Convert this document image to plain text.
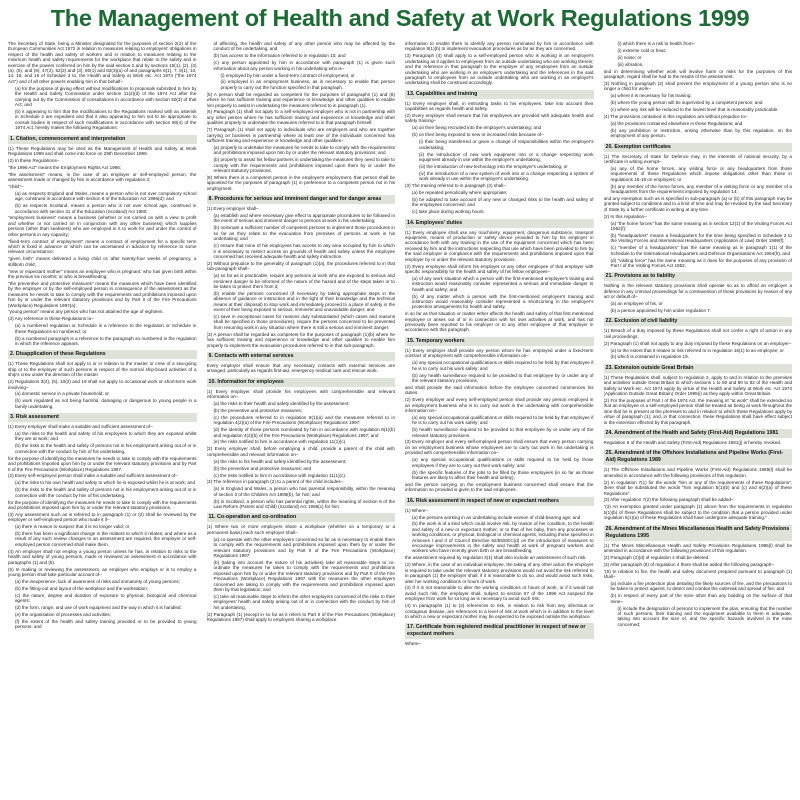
The Management of Health and Safety at Work Regulations 1999

The Secretary of State, being a Minister designated for the purposes of section 2(2) of the European Communities Act 1972 in relation to measures relating to employers' obligations in respect of the health and safety of workers and in relation to measures relating to the minimum health and safety requirements for the workplace that relate to the safety and in exercise of the powers conferred on him by the said section 2 and by sections 15(1), (2), (3)(a), (5), and (9), 47(2), 52(2) and (3), 80(1) and 82(3)(a) of and paragraphs 6(1), 7, 8(1), 10, 14, 15, and 16 of Schedule 3 to, the Health and Safety at Work etc. Act 1974 ("the 1974 Act") and of all other powers enabling him in that behalf–

(a) for the purpose of giving effect without modifications to proposals submitted to him by the Health and Safety Commission under section 11(2)(d) of the 1974 Act after the carrying out by the Commission of consultations in accordance with section 50(3) of that Act; and

(b) it appearing to him that the modifications to the Regulations marked with an asterisk in Schedule 2 are expedient and that it also appearing to him not to be appropriate to consult bodies in respect of such modifications in accordance with section 80(4) of the 1974 Act, hereby makes the following Regulations:

1. Citation, commencement and interpretation

(1) These Regulations may be cited as the Management of Health and Safety at Work Regulations 1999 and shall come into force on 29th December 1999.

(2) In these Regulations–

"the 1996 Act" means the Employment Rights Act 1996;

"the assessment" means, in the case of an employer or self-employed person, the assessment made or changed by him in accordance with regulation 3;

"child"–

(a) as respects England and Wales, means a person who is not over compulsory school age, construed in accordance with section 8 of the Education Act 1996(d); and

(b) as respects Scotland, means a person who is not over school age, construed in accordance with section 31 of the Education (Scotland) Act 1980;

"employment business" means a business (whether or not carried on with a view to profit and whether or not carried on in conjunction with any other business) which supplies persons (other than seafarers) who are employed in it to work for and under the control of other persons in any capacity;

"fixed-term contract of employment" means a contract of employment for a specific term which is fixed in advance or which can be ascertained in advance by reference to some relevant circumstance;

"given birth" means delivered a living child or, after twenty-four weeks of pregnancy, a stillborn child;

"new or expectant mother" means an employee who is pregnant; who has given birth within the previous six months; or who is breastfeeding;

"the preventive and protective measures" means the measures which have been identified by the employer or by the self-employed person in consequence of the assessment as the measures he needs to take to comply with the requirements and prohibitions imposed upon him by or under the relevant statutory provisions and by Part II of the Fire Precautions (Workplace) Regulations 1997(a);

"young person" means any person who has not attained the age of eighteen.

(3) Any reference in these Regulations to–

(a) a numbered regulation or Schedule is a reference to the regulation or Schedule in these Regulations so numbered; or

(b) a numbered paragraph is a reference to the paragraph so numbered in the regulation in which the reference appears.

2. Disapplication of these Regulations

(1) These Regulations shall not apply to or in relation to the master or crew of a sea-going ship or to the employer of such persons in respect of the normal ship-board activities of a ship's crew under the direction of the master.

(2) Regulations 3(4), (5), 10(2) and 19 shall not apply to occasional work or short-term work involving–

(a) domestic service in a private household; or

(b) work regulated as not being harmful, damaging or dangerous to young people in a family undertaking.

3. Risk assessment

(1) Every employer shall make a suitable and sufficient assessment of–

(a) the risks to the health and safety of his employees to which they are exposed whilst they are at work; and

(b) the risks to the health and safety of persons not in his employment arising out of or in connection with the conduct by him of his undertaking,

for the purpose of identifying the measures he needs to take to comply with the requirements and prohibitions imposed upon him by or under the relevant statutory provisions and by Part II of the Fire Precautions (Workplace) Regulations 1997.

(2) Every self-employed person shall make a suitable and sufficient assessment of–

(a) the risks to his own health and safety to which he is exposed whilst he is at work; and

(b) the risks to the health and safety of persons not in his employment arising out of or in connection with the conduct by him of his undertaking,

for the purpose of identifying the measures he needs to take to comply with the requirements and prohibitions imposed upon him by or under the relevant statutory provisions.

(3) Any assessment such as is referred to in paragraph (1) or (2) shall be reviewed by the employer or self-employed person who made it if–

(a) there is reason to suspect that it is no longer valid; or

(b) there has been a significant change in the matters to which it relates; and where as a result of any such review changes to an assessment are required, the employer or self-employed person concerned shall make them.

(4) An employer shall not employ a young person unless he has, in relation to risks to the health and safety of young persons, made or reviewed an assessment in accordance with paragraphs (1) and (5).

(5) In making or reviewing the assessment, an employer who employs or is to employ a young person shall take particular account of–

(a) the inexperience, lack of awareness of risks and immaturity of young persons;

(b) the fitting-out and layout of the workplace and the workstation;

(c) the nature, degree and duration of exposure to physical, biological and chemical agents;

(d) the form, range, and use of work equipment and the way in which it is handled;

(e) the organisation of processes and activities;

(f) the extent of the health and safety training provided or to be provided to young persons; and

of affecting, the health and safety of any other person who may be affected by the conduct of his undertaking, and

(b) has access to the information referred to in regulation 10; and

(c) any person appointed by him in accordance with paragraph (1) is given such information about any person working in his undertaking who is–

(i) employed by him under a fixed-term contract of employment, or

(ii) employed in an employment business, as is necessary to enable that person properly to carry out the function specified in that paragraph.

(5) A person shall be regarded as competent for the purposes of paragraphs (1) and (8) where he has sufficient training and experience or knowledge and other qualities to enable him properly to assist in undertaking the measures referred to in paragraph (1).

(6) Paragraph (1) shall not apply to a self-employed employer who is not in partnership with any other person where he has sufficient training and experience or knowledge and other qualities properly to undertake the measures referred to in that paragraph himself.

(7) Paragraph (1) shall not apply to individuals who are employers and who are together carrying on business in partnership where at least one of the individuals concerned has sufficient training and experience or knowledge and other qualities–

(a) properly to undertake the measures he needs to take to comply with the requirements and prohibitions imposed upon him by or under the relevant statutory provisions; and

(b) properly to assist his fellow partners in undertaking the measures they need to take to comply with the requirements and prohibitions imposed upon them by or under the relevant statutory provisions.

(8) Where there is a competent person in the employer's employment, that person shall be appointed for the purposes of paragraph (1) in preference to a competent person not in his employment.

8. Procedures for serious and imminent danger and for danger areas

(1) Every employer shall–

(a) establish and where necessary give effect to appropriate procedures to be followed in the event of serious and imminent danger to persons at work in his undertaking;

(b) nominate a sufficient number of competent persons to implement those procedures in so far as they relate to the evacuation from premises of persons at work in his undertaking; and

(c) ensure that none of his employees has access to any area occupied by him to which it is necessary to restrict access on grounds of health and safety unless the employee concerned has received adequate health and safety instruction.

(2) Without prejudice to the generality of paragraph (1)(a), the procedures referred to in that sub-paragraph shall–

(a) so far as is practicable, require any persons at work who are exposed to serious and imminent danger to be informed of the nature of the hazard and of the steps taken or to be taken to protect them from it;

(b) enable the persons concerned (if necessary by taking appropriate steps in the absence of guidance or instruction and in the light of their knowledge and the technical means at their disposal) to stop work and immediately proceed to a place of safety in the event of their being exposed to serious, imminent and unavoidable danger; and

(c) save in exceptional cases for reasons duly substantiated (which cases and reasons shall be specified in those procedures), require the persons concerned to be prevented from resuming work in any situation where there is still a serious and imminent danger.

(3) A person shall be regarded as competent for the purposes of paragraph (1)(b) where he has sufficient training and experience or knowledge and other qualities to enable him properly to implement the evacuation procedures referred to in that sub-paragraph.

9. Contacts with external services

Every employer shall ensure that any necessary contacts with external services are arranged, particularly as regards first-aid, emergency medical care and rescue work.

10. Information for employees

(1) Every employer shall provide his employees with comprehensible and relevant information on–

(a) the risks to their health and safety identified by the assessment;

(b) the preventive and protective measures;

(c) the procedures referred to in regulation 8(1)(a) and the measures referred to in regulation 4(2)(a) of the Fire Precautions (Workplace) Regulations 1997;

(d) the identity of those persons nominated by him in accordance with regulation 8(1)(b) and regulation 4(2)(b) of the Fire Precautions (Workplace) Regulations 1997; and

(e) the risks notified to him in accordance with regulation 11(1)(c).

(2) Every employer shall, before employing a child, provide a parent of the child with comprehensible and relevant information on–

(a) the risks to his health and safety identified by the assessment;

(b) the preventive and protective measures; and

(c) the risks notified to him in accordance with regulation 11(1)(c).

(3) The reference in paragraph (2) to a parent of the child includes–

(a) in England and Wales, a person who has parental responsibility, within the meaning of section 3 of the Children Act 1989(b), for him; and

(b) in Scotland, a person who has parental rights, within the meaning of section 8 of the Law Reform (Parent and Child) (Scotland) Act 1986(c) for him.

11. Co-operation and co-ordination

(1) Where two or more employers share a workplace (whether on a temporary or a permanent basis) each such employer shall–

(a) co-operate with the other employers concerned so far as is necessary to enable them to comply with the requirements and prohibitions imposed upon them by or under the relevant statutory provisions and by Part II of the Fire Precautions (Workplace) Regulations 1997;

(b) (taking into account the nature of his activities) take all reasonable steps to co-ordinate the measures he takes to comply with the requirements and prohibitions imposed upon him by or under the relevant statutory provisions and by Part II of the Fire Precautions (Workplace) Regulations 1997 with the measures the other employers concerned are taking to comply with the requirements and prohibitions imposed upon them by that legislation; and

(c) take all reasonable steps to inform the other employers concerned of the risks to their employees' health and safety arising out of or in connection with the conduct by him of his undertaking.

(2) Paragraph (1) (except in so far as it refers to Part II of the Fire Precautions (Workplace) Regulations 1997) shall apply to employers sharing a workplace

information to enable them to identify any person nominated by him in accordance with regulation 8(1)(b) to implement evacuation procedures as far as they are concerned.

(3) Paragraph (4) shall apply to a self-employed person who is working in an employer's undertaking as it applies to employees from an outside undertaking who are working therein; and the reference in that paragraph to the employer of any employees from an outside undertaking who are working in an employer's undertaking and the references in the said paragraph to employees from an outside undertaking who are working in an employer's undertaking shall be construed accordingly.

13. Capabilities and training

(1) Every employer shall, in entrusting tasks to his employees, take into account their capabilities as regards health and safety.

(2) Every employer shall ensure that his employees are provided with adequate health and safety training–

(a) on their being recruited into the employer's undertaking; and

(b) on their being exposed to new or increased risks because of–

(i) their being transferred or given a change of responsibilities within the employer's undertaking,

(ii) the introduction of new work equipment into or a change respecting work equipment already in use within the employer's undertaking,

(iii) the introduction of new technology into the employer's undertaking, or

(iv) the introduction of a new system of work into or a change respecting a system of work already in use within the employer's undertaking.

(3) The training referred to in paragraph (2) shall–

(a) be repeated periodically where appropriate;

(b) be adapted to take account of any new or changed risks to the health and safety of the employees concerned; and

(c) take place during working hours.

14. Employees' duties

(1) Every employee shall use any machinery, equipment, dangerous substance, transport equipment, means of production or safety device provided to him by his employer in accordance both with any training in the use of the equipment concerned which has been received by him and the instructions respecting that use which have been provided to him by the said employer in compliance with the requirements and prohibitions imposed upon that employer by or under the relevant statutory provisions.

(2) Every employee shall inform his employer or any other employee of that employer with specific responsibility for the health and safety of his fellow employees–

(a) of any work situation which a person with the first-mentioned employee's training and instruction would reasonably consider represented a serious and immediate danger to health and safety; and

(b) of any matter which a person with the first-mentioned employee's training and instruction would reasonably consider represented a shortcoming in the employer's protection arrangements for health and safety,

in so far as that situation or matter either affects the health and safety of that first mentioned employee or arises out of or in connection with his own activities at work, and has not previously been reported to his employer or to any other employee of that employer in accordance with this paragraph.

15. Temporary workers

(1) Every employer shall provide any person whom he has employed under a fixed-term contract of employment with comprehensible information on–

(a) any special occupational qualifications or skills required to be held by that employee if he is to carry out his work safely; and

(b) any health surveillance required to be provided to that employee by or under any of the relevant statutory provisions,

and shall provide the said information before the employee concerned commences his duties.

(2) Every employer and every self-employed person shall provide any person employed in an employment business who is to carry out work in the undertaking with comprehensible information on–

(a) any special occupational qualifications or skills required to be held by that employee if he is to carry out his work safely; and

(b) health surveillance required to be provided to that employee by or under any of the relevant statutory provisions.

(3) Every employer and every self-employed person shall ensure that every person carrying on an employment business whose employees are to carry out work in his undertaking is provided with comprehensible information on–

(a) any special occupational qualifications or skills required to be held by those employees if they are to carry out their work safely; and

(b) the specific features of the jobs to be filled by those employees (in so far as those features are likely to affect their health and safety),

and the person carrying on the employment business concerned shall ensure that the information so provided is given to the said employees.

16. Risk assessment in respect of new or expectant mothers

(1) Where–

(a) the persons working in an undertaking include women of child-bearing age; and

(b) the work is of a kind which could involve risk, by reason of her condition, to the health and safety of a new or expectant mother, or to that of her baby, from any processes or working conditions, or physical, biological or chemical agents, including those specified in Annexes I and II of Council Directive 92/85/EEC(d) on the introduction of measures to encourage improvements in the safety and health at work of pregnant workers and workers who have recently given birth or are breastfeeding,

the assessment required by regulation 3(1) shall also include an assessment of such risk.

(2) Where, in the case of an individual employee, the taking of any other action the employer is required to take under the relevant statutory provisions would not avoid the risk referred to in paragraph (1) the employer shall, if it is reasonable to do so, and would avoid such risks, alter her working conditions or hours of work.

(3) If it is not reasonable to alter the working conditions or hours of work, or if it would not avoid such risk, the employer shall, subject to section 67 of the 1996 Act suspend the employee from work for so long as is necessary to avoid such risk.

(4) In paragraphs (1) to (3) references to risk, in relation to risk from any infectious or contagious disease, are references to a level of risk at work which is in addition to the level to which a new or expectant mother may be expected to be exposed outside the workplace.

17. Certificate from registered medical practitioner in respect of new or expectant mothers

Where–

(i) which there is a risk to health from–

(i) extreme cold or heat;

(ii) noise; or

(iii) vibration,

and in determining whether work will involve harm or risks for the purposes of this paragraph, regard shall be had to the results of the assessment.

(3) Nothing in paragraph (2) shall prevent the employment of a young person who is no longer a child for work–

(a) where it is necessary for his training;

(b) where the young person will be supervised by a competent person; and

(c) where any risk will be reduced to the lowest level that is reasonably practicable.

(4) The provisions contained in this regulation are without prejudice to–

(a) the provisions contained elsewhere in these Regulations; and

(b) any prohibition or restriction, arising otherwise than by this regulation, on the employment of any person.

20. Exemption certificates

(1) The Secretary of State for Defence may, in the interests of national security, by a certificate in writing exempt–

(a) any of the home forces, any visiting force or any headquarters from those requirements of these Regulations which impose obligations other than those in regulations 16-18 on employers; or

(b) any member of the home forces, any member of a visiting force or any member of a headquarters from the requirements imposed by regulation 14;

and any exemption such as is specified in sub-paragraph (a) or (b) of this paragraph may be granted subject to conditions and to a limit of time and may be revoked by the said Secretary of State by a further certificate in writing at any time.

(2) In this regulation–

(a) "the home forces" has the same meaning as in section 12(1) of the Visiting Forces Act 1952(f);

(b) "headquarters" means a headquarters for the time being specified in Schedule 2 to the Visiting Forces and International Headquarters (Application of Law) Order 1999(f);

(c) "member of a headquarters" has the same meaning as in paragraph 1(1) of the Schedule to the International Headquarters and Defence Organisations Act 1964(h); and

(d) "visiting force" has the same meaning as it does for the purposes of any provision of Part I of the Visiting Forces Act 1952.

21. Provisions as to liability

Nothing in the relevant statutory provisions shall operate so as to afford an employer a defence in any criminal proceedings for a contravention of those provisions by reason of any act or default of–

(a) an employee of his, or

(b) a person appointed by him under regulation 7.

22. Exclusion of civil liability

(1) Breach of a duty imposed by these Regulations shall not confer a right of action in any civil proceedings.

(2) Paragraph (1) shall not apply to any duty imposed by these Regulations on an employer–

(a) to the extent that it relates to risk referred to in regulation 16(1) to an employee; or

(b) which is contained in regulation 19.

23. Extension outside Great Britain

(1) These Regulations shall, subject to regulation 2, apply to and in relation to the premises and activities outside Great Britain to which sections 1 to 59 and 80 to 82 of the Health and Safety at Work etc. Act 1974 apply by virtue of the Health and Safety at Work etc. Act 1974 (Application Outside Great Britain) Order 1995(i) as they apply within Great Britain.

(2) For the purposes of Part I of the 1974 Act, the meaning of "at work" shall be extended so that an employee or a self-employed person shall be treated as being at work throughout the time that he is present at the premises to and in relation to which these Regulations apply by virtue of paragraph (1); and, in that connection, these Regulations shall have effect subject to the extension effected by this paragraph.

24. Amendment of the Health and Safety (First-Aid) Regulations 1981

Regulation 6 of the Health and Safety (First-Aid) Regulations 1981(j) is hereby revoked.

25. Amendment of the Offshore Installations and Pipeline Works (First-Aid) Regulations 1989

(1) The Offshore Installations and Pipeline Works (First-Aid) Regulations 1989(l) shall be amended in accordance with the following provisions of this regulation.

(2) In regulation 7(1) for the words "him or any of the requirements of these Regulations", there shall be substituted the words "him regulation 5(1)(b) and (c) and 6(2)(a) of these Regulations".

(3) After regulation 7(2) the following paragraph shall be added–

"(3) An exemption granted under paragraph (1) above from the requirements in regulation 5(1)(b) of these Regulations shall be subject to the condition that a person provided under regulation 5(1)(a) of these Regulations shall have undergone adequate training."

26. Amendment of the Mines Miscellaneous Health and Safety Provisions Regulations 1995

(1) The Mines Miscellaneous Health and Safety Provisions Regulations 1995(l) shall be amended in accordance with the following provisions of this regulation.

(2) Paragraph (2)(d) of regulation 4 shall be deleted.

(3) After paragraph (8) of regulation 4 there shall be added the following paragraph–

"(9) In relation to fire, the health and safety document prepared pursuant to paragraph (1) shall–

(a) include a fire protection plan detailing the likely sources of fire, and the precautions to be taken to protect against, to detect and combat the outbreak and spread of fire; and

(b) in respect of every part of the mine other than any building on the surface of that mine–

(i) include the designation of persons to implement the plan, ensuring that the number of such persons, their training and the equipment available to them is adequate, taking into account the size of, and the specific hazards involved in the mine concerned;
